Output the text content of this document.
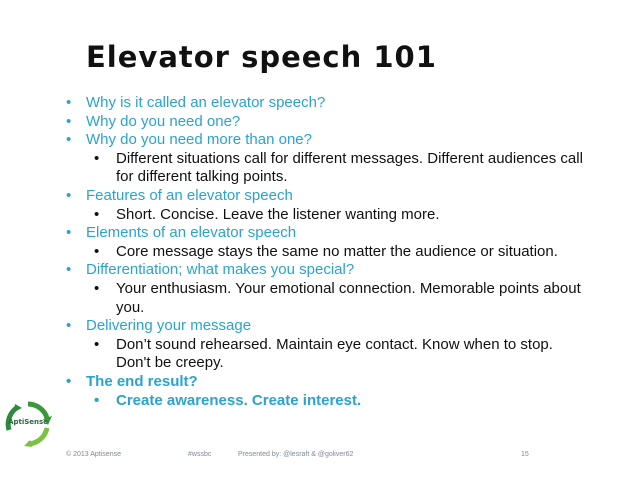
Elevator speech 101
• Why is it called an elevator speech?
• Why do you need one?
• Why do you need more than one?
• Different situations call for different messages. Different audiences call for different talking points.
• Features of an elevator speech
• Short. Concise. Leave the listener wanting more.
• Elements of an elevator speech
• Core message stays the same no matter the audience or situation.
• Differentiation; what makes you special?
• Your enthusiasm. Your emotional connection. Memorable points about you.
• Delivering your message
• Don’t sound rehearsed. Maintain eye contact. Know when to stop. Don't be creepy.
• The end result?
• Create awareness. Create interest.
AptiSense
© 2013 Aptisense	#wssbc	Presented by: @lesraft & @goliver62	15
